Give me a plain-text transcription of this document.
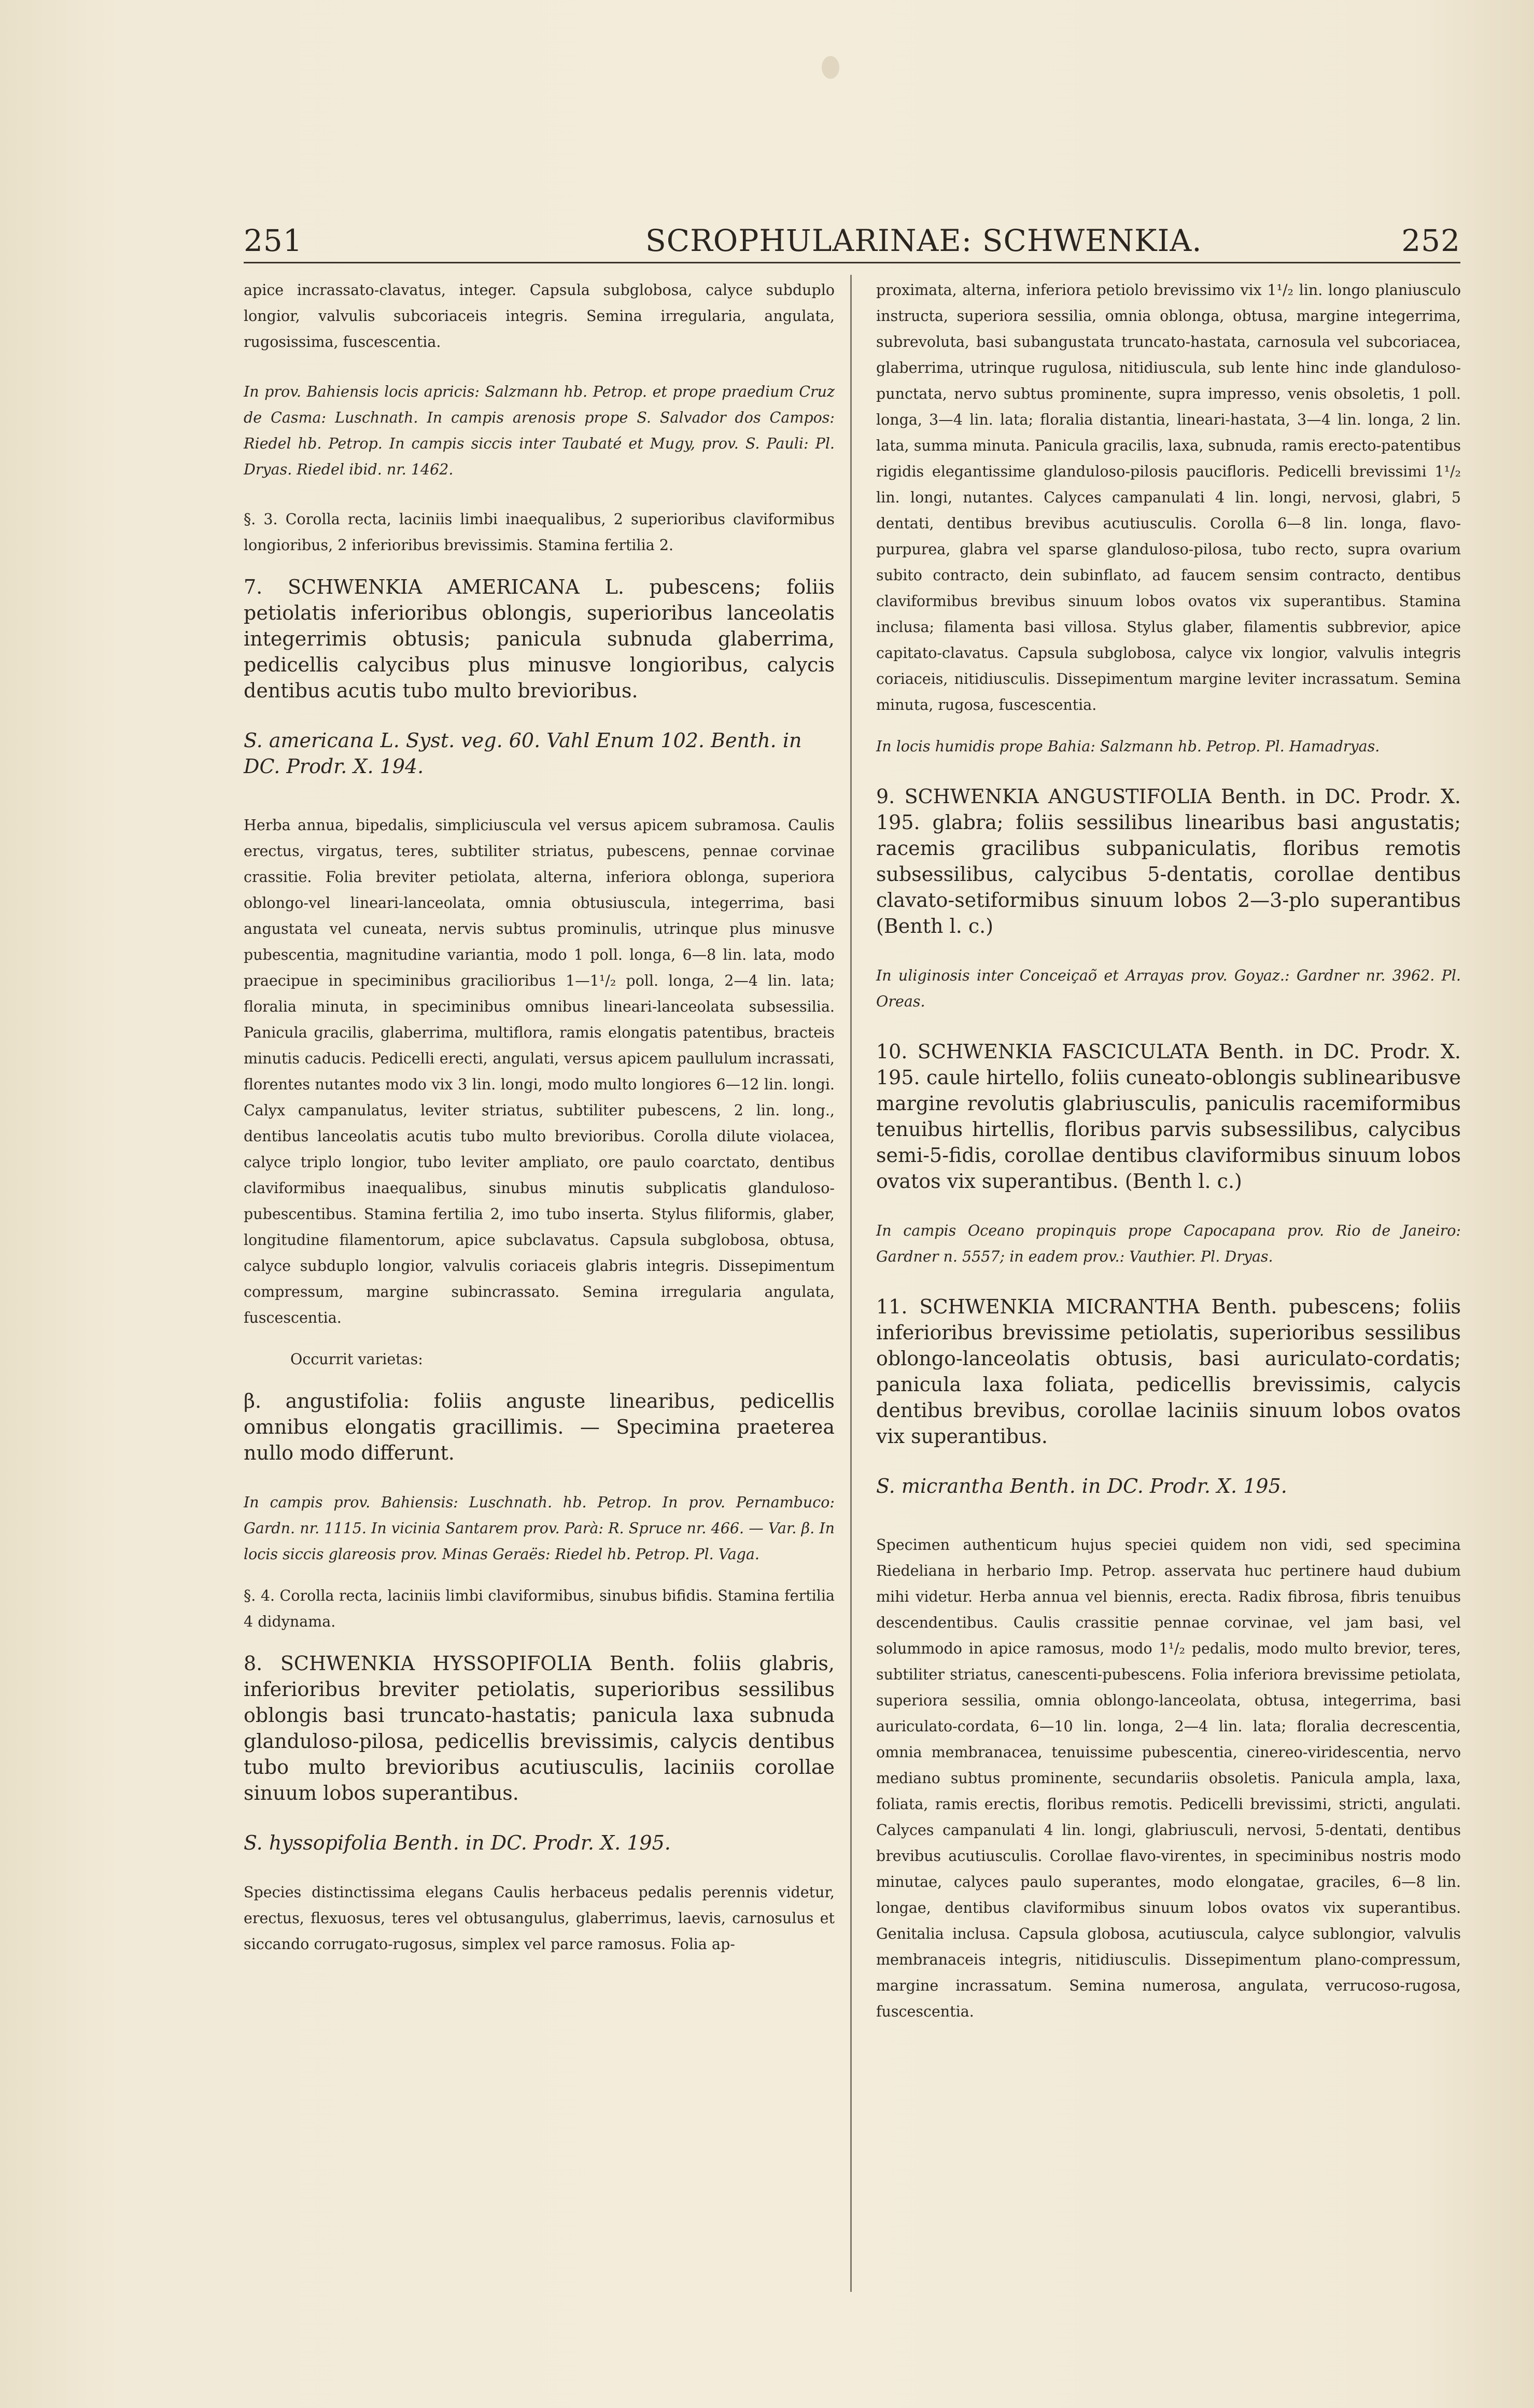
251	SCROPHULARINAE: SCHWENKIA.	252

apice incrassato-clavatus, integer. Capsula subglobosa, calyce subduplo longior, valvulis subcoriaceis integris. Semina irregularia, angulata, rugosissima, fuscescentia.

In prov. Bahiensis locis apricis: Salzmann hb. Petrop. et prope praedium Cruz de Casma: Luschnath. In campis arenosis prope S. Salvador dos Campos: Riedel hb. Petrop. In campis siccis inter Taubaté et Mugy, prov. S. Pauli: Pl. Dryas. Riedel ibid. nr. 1462.

§. 3. Corolla recta, laciniis limbi inaequalibus, 2 superioribus claviformibus longioribus, 2 inferioribus brevissimis. Stamina fertilia 2.

7. SCHWENKIA AMERICANA L. pubescens; foliis petiolatis inferioribus oblongis, superioribus lanceolatis integerrimis obtusis; panicula subnuda glaberrima, pedicellis calycibus plus minusve longioribus, calycis dentibus acutis tubo multo brevioribus.

S. americana L. Syst. veg. 60. Vahl Enum 102. Benth. in DC. Prodr. X. 194.

Herba annua, bipedalis, simpliciuscula vel versus apicem subramosa. Caulis erectus, virgatus, teres, subtiliter striatus, pubescens, pennae corvinae crassitie. Folia breviter petiolata, alterna, inferiora oblonga, superiora oblongo-vel lineari-lanceolata, omnia obtusiuscula, integerrima, basi angustata vel cuneata, nervis subtus prominulis, utrinque plus minusve pubescentia, magnitudine variantia, modo 1 poll. longa, 6—8 lin. lata, modo praecipue in speciminibus gracilioribus 1—1¹/₂ poll. longa, 2—4 lin. lata; floralia minuta, in speciminibus omnibus lineari-lanceolata subsessilia. Panicula gracilis, glaberrima, multiflora, ramis elongatis patentibus, bracteis minutis caducis. Pedicelli erecti, angulati, versus apicem paullulum incrassati, florentes nutantes modo vix 3 lin. longi, modo multo longiores 6—12 lin. longi. Calyx campanulatus, leviter striatus, subtiliter pubescens, 2 lin. long., dentibus lanceolatis acutis tubo multo brevioribus. Corolla dilute violacea, calyce triplo longior, tubo leviter ampliato, ore paulo coarctato, dentibus claviformibus inaequalibus, sinubus minutis subplicatis glanduloso-pubescentibus. Stamina fertilia 2, imo tubo inserta. Stylus filiformis, glaber, longitudine filamentorum, apice subclavatus. Capsula subglobosa, obtusa, calyce subduplo longior, valvulis coriaceis glabris integris. Dissepimentum compressum, margine subincrassato. Semina irregularia angulata, fuscescentia.

Occurrit varietas:

β. angustifolia: foliis anguste linearibus, pedicellis omnibus elongatis gracillimis. — Specimina praeterea nullo modo differunt.

In campis prov. Bahiensis: Luschnath. hb. Petrop. In prov. Pernambuco: Gardn. nr. 1115. In vicinia Santarem prov. Parà: R. Spruce nr. 466. — Var. β. In locis siccis glareosis prov. Minas Geraës: Riedel hb. Petrop. Pl. Vaga.

§. 4. Corolla recta, laciniis limbi claviformibus, sinubus bifidis. Stamina fertilia 4 didynama.

8. SCHWENKIA HYSSOPIFOLIA Benth. foliis glabris, inferioribus breviter petiolatis, superioribus sessilibus oblongis basi truncato-hastatis; panicula laxa subnuda glanduloso-pilosa, pedicellis brevissimis, calycis dentibus tubo multo brevioribus acutiusculis, laciniis corollae sinuum lobos superantibus.

S. hyssopifolia Benth. in DC. Prodr. X. 195.

Species distinctissima elegans Caulis herbaceus pedalis perennis videtur, erectus, flexuosus, teres vel obtusangulus, glaberrimus, laevis, carnosulus et siccando corrugato-rugosus, simplex vel parce ramosus. Folia ap-

proximata, alterna, inferiora petiolo brevissimo vix 1¹/₂ lin. longo planiusculo instructa, superiora sessilia, omnia oblonga, obtusa, margine integerrima, subrevoluta, basi subangustata truncato-hastata, carnosula vel subcoriacea, glaberrima, utrinque rugulosa, nitidiuscula, sub lente hinc inde glanduloso-punctata, nervo subtus prominente, supra impresso, venis obsoletis, 1 poll. longa, 3—4 lin. lata; floralia distantia, lineari-hastata, 3—4 lin. longa, 2 lin. lata, summa minuta. Panicula gracilis, laxa, subnuda, ramis erecto-patentibus rigidis elegantissime glanduloso-pilosis paucifloris. Pedicelli brevissimi 1¹/₂ lin. longi, nutantes. Calyces campanulati 4 lin. longi, nervosi, glabri, 5 dentati, dentibus brevibus acutiusculis. Corolla 6—8 lin. longa, flavo-purpurea, glabra vel sparse glanduloso-pilosa, tubo recto, supra ovarium subito contracto, dein subinflato, ad faucem sensim contracto, dentibus claviformibus brevibus sinuum lobos ovatos vix superantibus. Stamina inclusa; filamenta basi villosa. Stylus glaber, filamentis subbrevior, apice capitato-clavatus. Capsula subglobosa, calyce vix longior, valvulis integris coriaceis, nitidiusculis. Dissepimentum margine leviter incrassatum. Semina minuta, rugosa, fuscescentia.

In locis humidis prope Bahia: Salzmann hb. Petrop. Pl. Hamadryas.

9. SCHWENKIA ANGUSTIFOLIA Benth. in DC. Prodr. X. 195. glabra; foliis sessilibus linearibus basi angustatis; racemis gracilibus subpaniculatis, floribus remotis subsessilibus, calycibus 5-dentatis, corollae dentibus clavato-setiformibus sinuum lobos 2—3-plo superantibus (Benth l. c.)

In uliginosis inter Conceiçaõ et Arrayas prov. Goyaz.: Gardner nr. 3962. Pl. Oreas.

10. SCHWENKIA FASCICULATA Benth. in DC. Prodr. X. 195. caule hirtello, foliis cuneato-oblongis sublinearibusve margine revolutis glabriusculis, paniculis racemiformibus tenuibus hirtellis, floribus parvis subsessilibus, calycibus semi-5-fidis, corollae dentibus claviformibus sinuum lobos ovatos vix superantibus. (Benth l. c.)

In campis Oceano propinquis prope Capocapana prov. Rio de Janeiro: Gardner n. 5557; in eadem prov.: Vauthier. Pl. Dryas.

11. SCHWENKIA MICRANTHA Benth. pubescens; foliis inferioribus brevissime petiolatis, superioribus sessilibus oblongo-lanceolatis obtusis, basi auriculato-cordatis; panicula laxa foliata, pedicellis brevissimis, calycis dentibus brevibus, corollae laciniis sinuum lobos ovatos vix superantibus.

S. micrantha Benth. in DC. Prodr. X. 195.

Specimen authenticum hujus speciei quidem non vidi, sed specimina Riedeliana in herbario Imp. Petrop. asservata huc pertinere haud dubium mihi videtur. Herba annua vel biennis, erecta. Radix fibrosa, fibris tenuibus descendentibus. Caulis crassitie pennae corvinae, vel jam basi, vel solummodo in apice ramosus, modo 1¹/₂ pedalis, modo multo brevior, teres, subtiliter striatus, canescenti-pubescens. Folia inferiora brevissime petiolata, superiora sessilia, omnia oblongo-lanceolata, obtusa, integerrima, basi auriculato-cordata, 6—10 lin. longa, 2—4 lin. lata; floralia decrescentia, omnia membranacea, tenuissime pubescentia, cinereo-viridescentia, nervo mediano subtus prominente, secundariis obsoletis. Panicula ampla, laxa, foliata, ramis erectis, floribus remotis. Pedicelli brevissimi, stricti, angulati. Calyces campanulati 4 lin. longi, glabriusculi, nervosi, 5-dentati, dentibus brevibus acutiusculis. Corollae flavo-virentes, in speciminibus nostris modo minutae, calyces paulo superantes, modo elongatae, graciles, 6—8 lin. longae, dentibus claviformibus sinuum lobos ovatos vix superantibus. Genitalia inclusa. Capsula globosa, acutiuscula, calyce sublongior, valvulis membranaceis integris, nitidiusculis. Dissepimentum plano-compressum, margine incrassatum. Semina numerosa, angulata, verrucoso-rugosa, fuscescentia.
